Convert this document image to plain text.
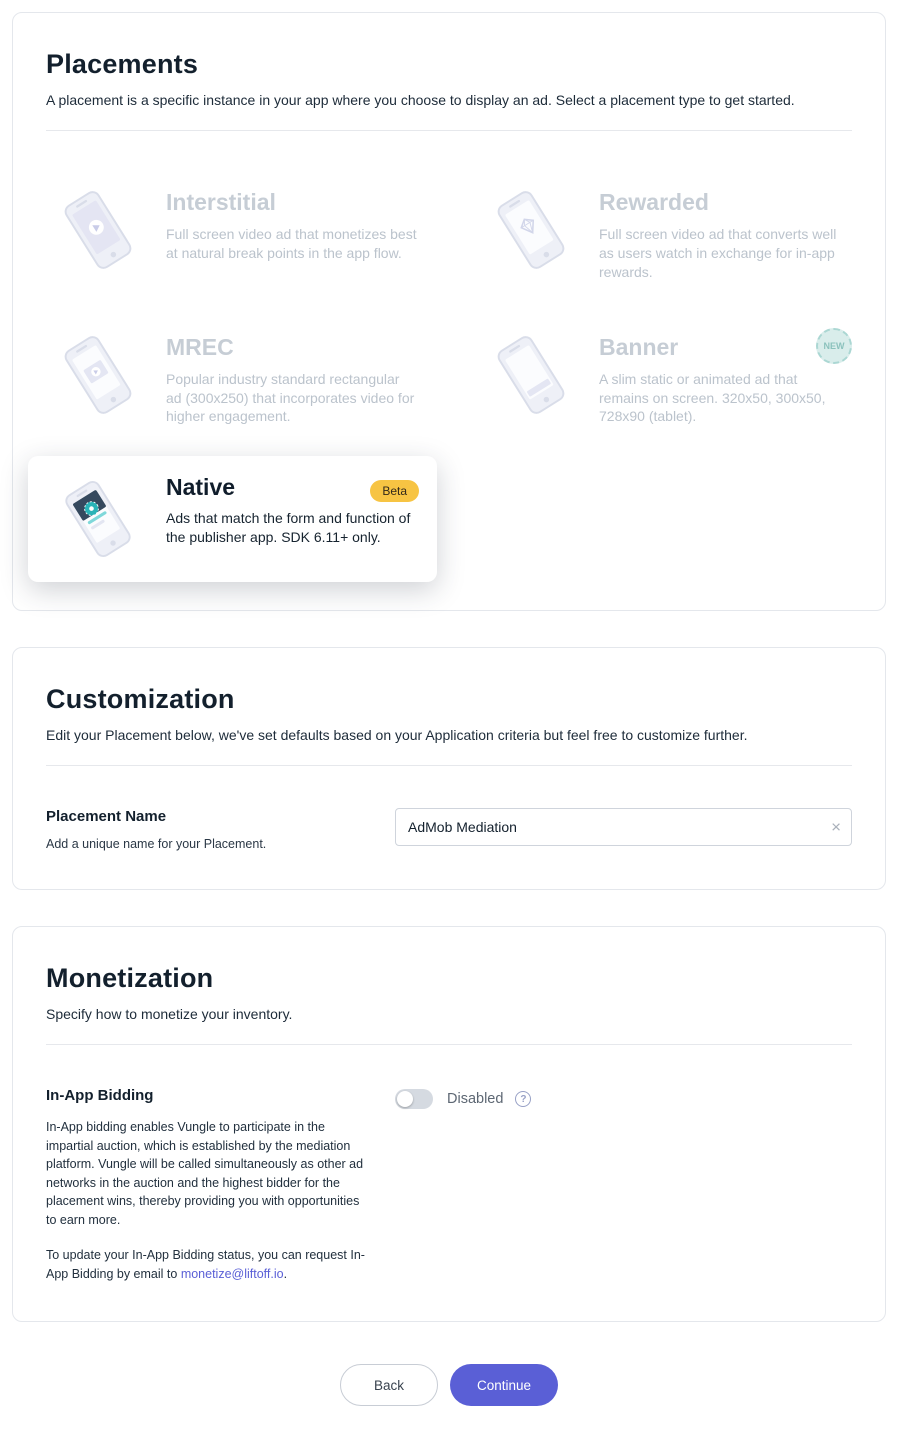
Placements

A placement is a specific instance in your app where you choose to display an ad. Select a placement type to get started.

Interstitial
Full screen video ad that monetizes best at natural break points in the app flow.
Rewarded
Full screen video ad that converts well as users watch in exchange for in-app rewards.
MREC
Popular industry standard rectangular ad (300x250) that incorporates video for higher engagement.
Banner	NEW
A slim static or animated ad that remains on screen. 320x50, 300x50, 728x90 (tablet).
Native	Beta
Ads that match the form and function of the publisher app. SDK 6.11+ only.
Customization

Edit your Placement below, we've set defaults based on your Application criteria but feel free to customize further.

Placement Name

Add a unique name for your Placement.

AdMob Mediation
×
Monetization

Specify how to monetize your inventory.

In-App Bidding

In-App bidding enables Vungle to participate in the impartial auction, which is established by the mediation platform. Vungle will be called simultaneously as other ad networks in the auction and the highest bidder for the placement wins, thereby providing you with opportunities to earn more.

To update your In-App Bidding status, you can request In-App Bidding by email to monetize@liftoff.io.

Disabled	?
Back	Continue
